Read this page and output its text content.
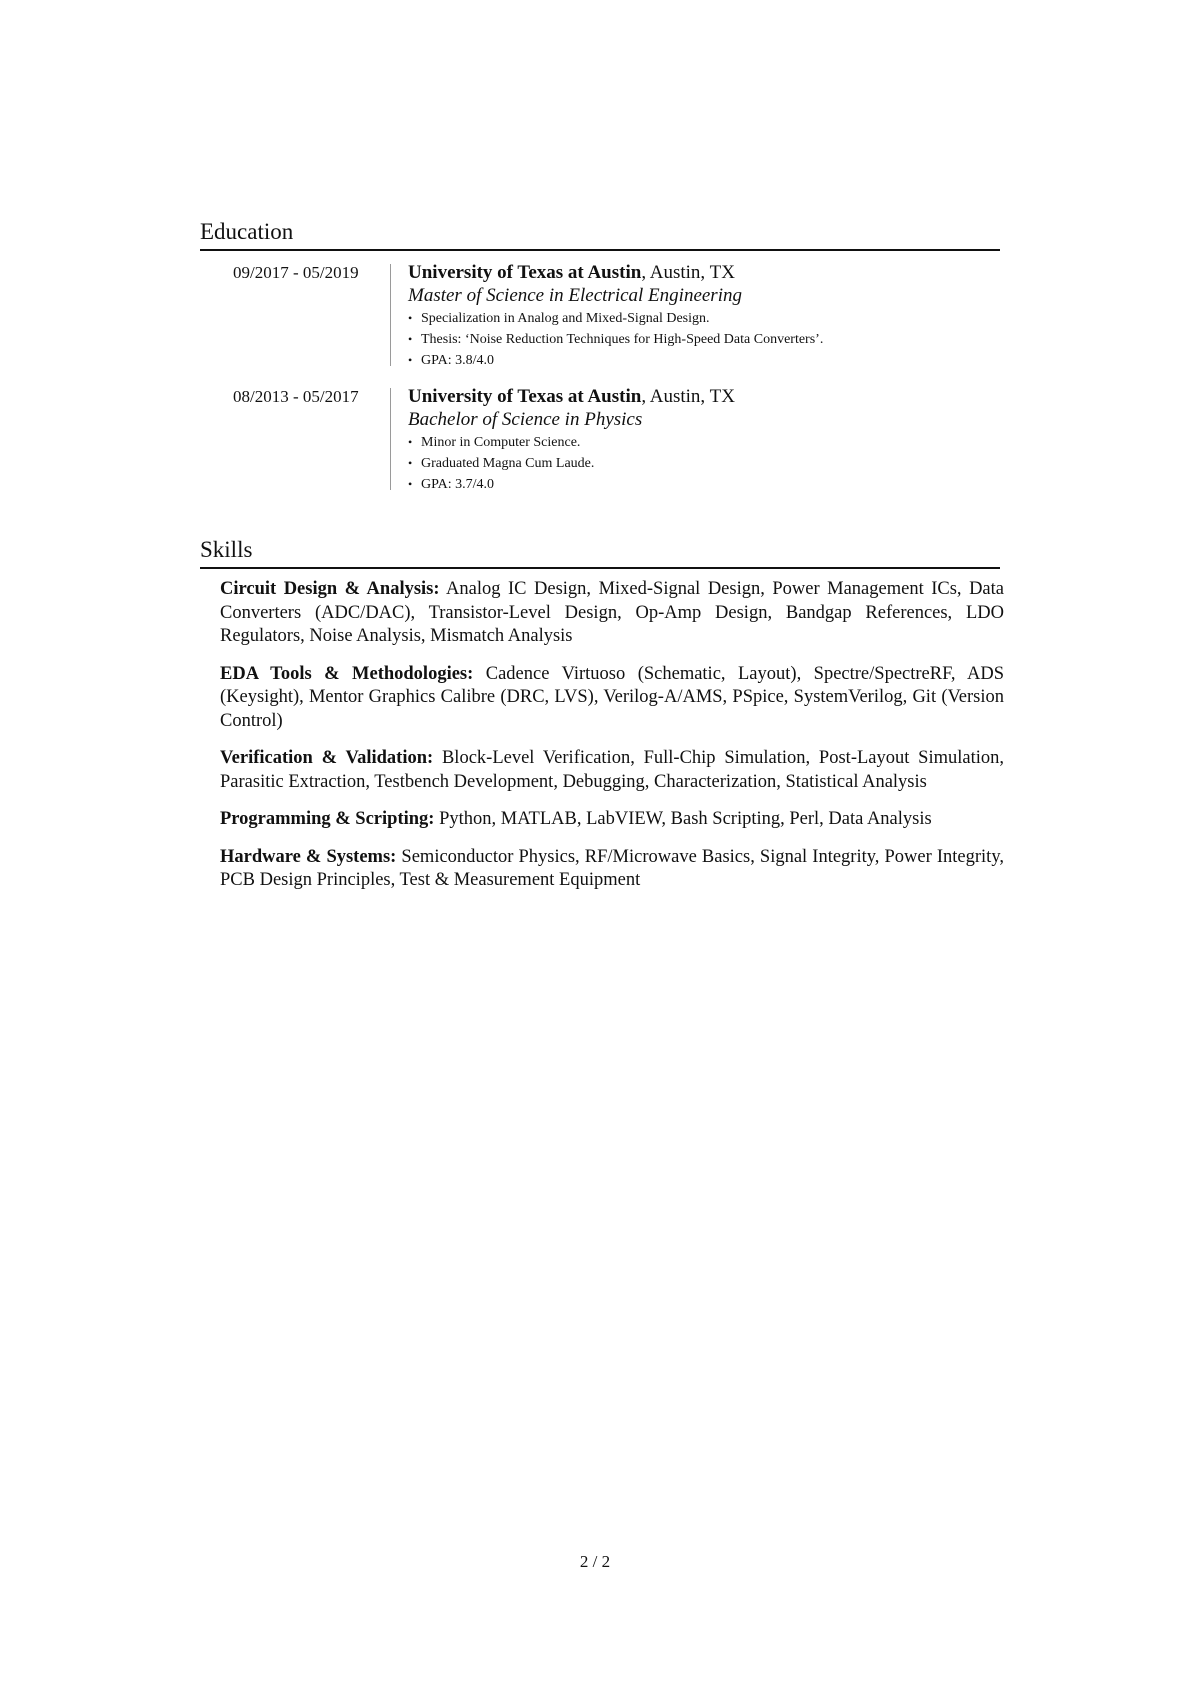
Education
09/2017 - 05/2019	University of Texas at Austin, Austin, TX
Master of Science in Electrical Engineering
• Specialization in Analog and Mixed-Signal Design.
• Thesis: ‘Noise Reduction Techniques for High-Speed Data Converters’.
• GPA: 3.8/4.0
08/2013 - 05/2017	University of Texas at Austin, Austin, TX
Bachelor of Science in Physics
• Minor in Computer Science.
• Graduated Magna Cum Laude.
• GPA: 3.7/4.0
Skills

Circuit Design & Analysis: Analog IC Design, Mixed-Signal Design, Power Management ICs, Data Converters (ADC/DAC), Transistor-Level Design, Op-Amp Design, Bandgap References, LDO Regulators, Noise Analysis, Mismatch Analysis

EDA Tools & Methodologies: Cadence Virtuoso (Schematic, Layout), Spectre/SpectreRF, ADS (Keysight), Mentor Graphics Calibre (DRC, LVS), Verilog-A/AMS, PSpice, SystemVerilog, Git (Version Control)

Verification & Validation: Block-Level Verification, Full-Chip Simulation, Post-Layout Simulation, Parasitic Extraction, Testbench Development, Debugging, Characterization, Statistical Analysis

Programming & Scripting: Python, MATLAB, LabVIEW, Bash Scripting, Perl, Data Analysis

Hardware & Systems: Semiconductor Physics, RF/Microwave Basics, Signal Integrity, Power Integrity, PCB Design Principles, Test & Measurement Equipment

2 / 2
